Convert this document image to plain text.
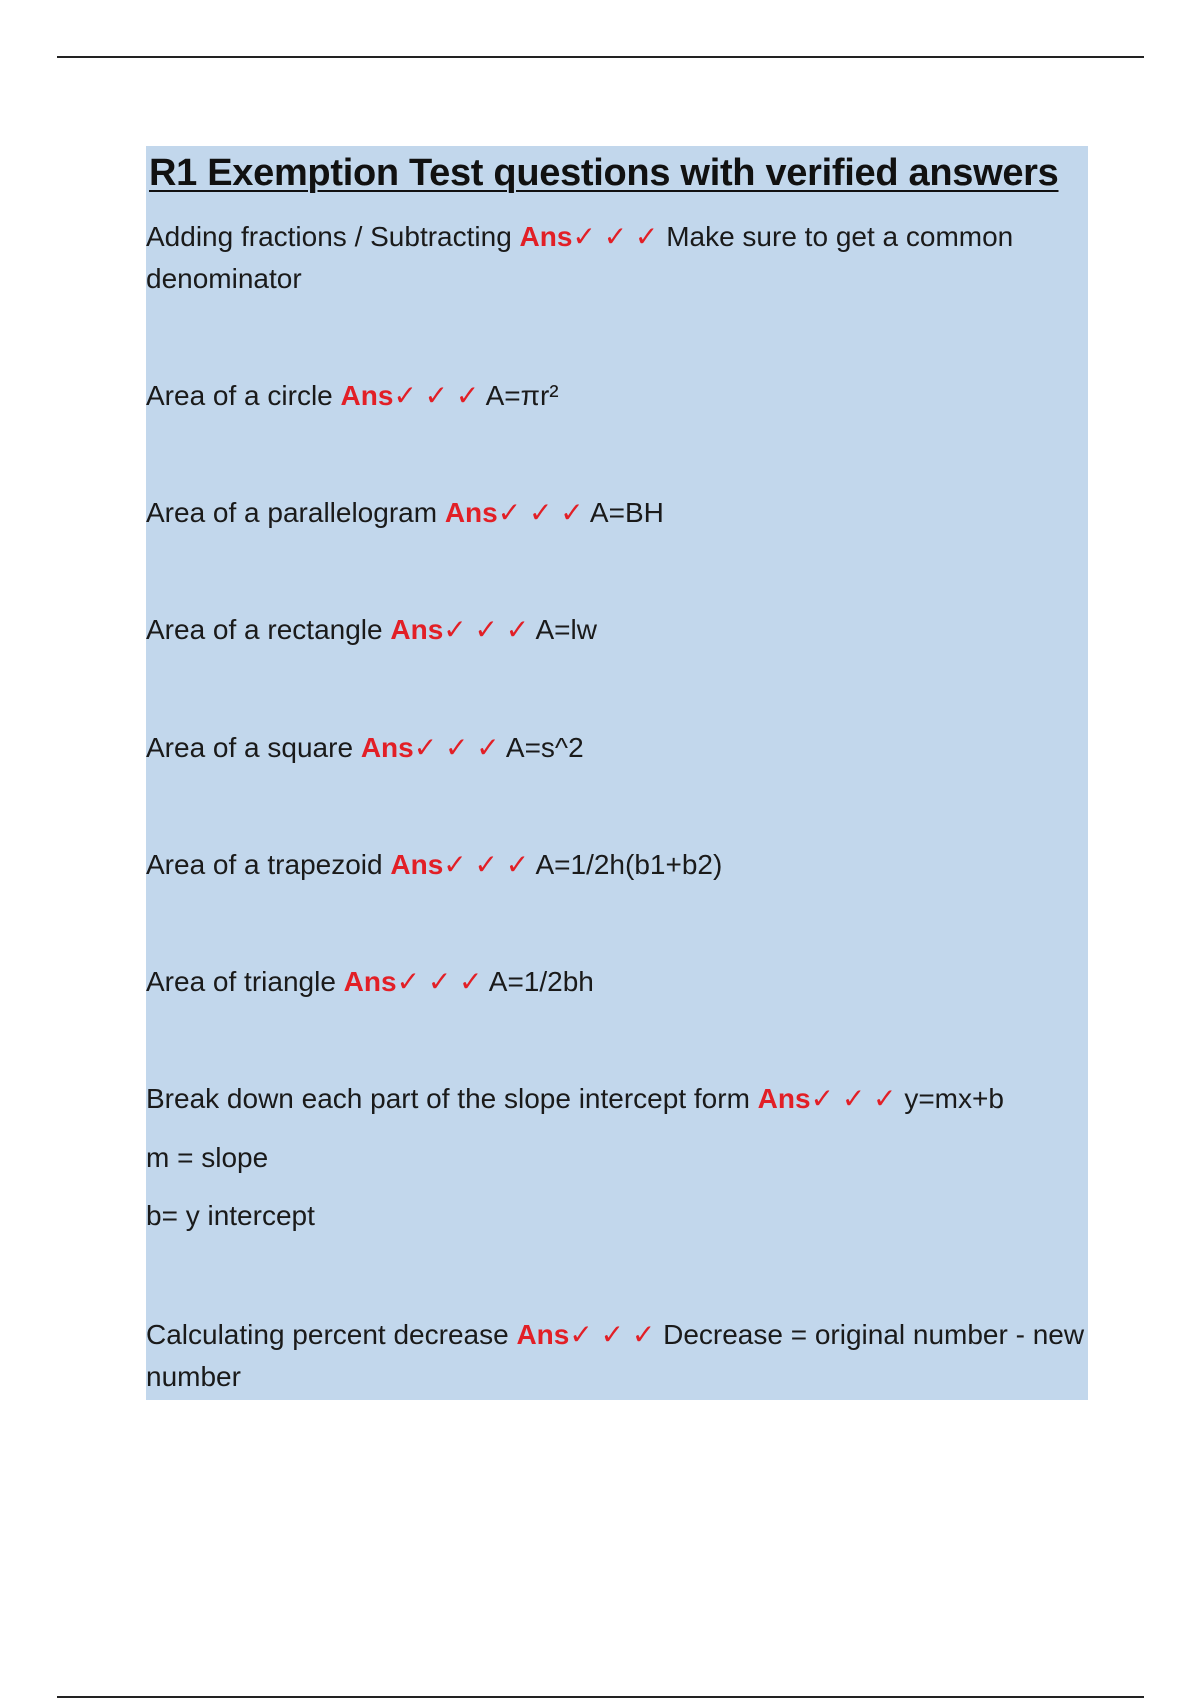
R1 Exemption Test questions with verified answers

Adding fractions / Subtracting Ans✓ ✓ ✓ Make sure to get a common denominator

Area of a circle Ans✓ ✓ ✓ A=πr²

Area of a parallelogram Ans✓ ✓ ✓ A=BH

Area of a rectangle Ans✓ ✓ ✓ A=lw

Area of a square Ans✓ ✓ ✓ A=s^2

Area of a trapezoid Ans✓ ✓ ✓ A=1/2h(b1+b2)

Area of triangle Ans✓ ✓ ✓ A=1/2bh

Break down each part of the slope intercept form Ans✓ ✓ ✓ y=mx+b

m = slope
b= y intercept

Calculating percent decrease Ans✓ ✓ ✓ Decrease = original number - new number
